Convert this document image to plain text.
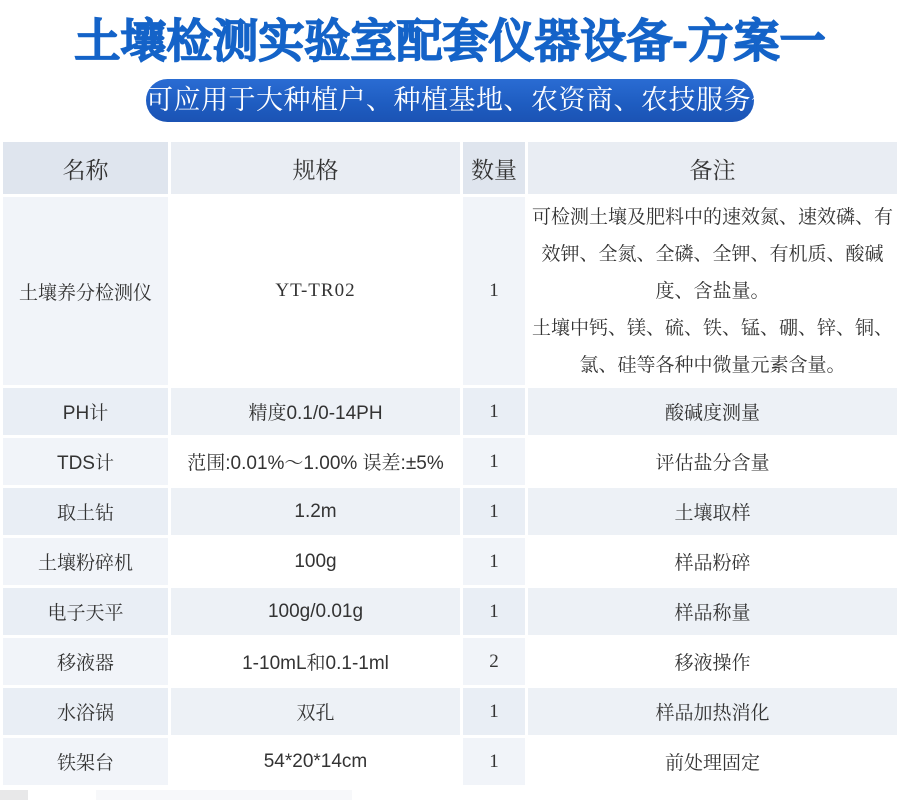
土壤检测实验室配套仪器设备-方案一
可应用于大种植户、种植基地、农资商、农技服务公司等
名称	规格	数量	备注
土壤养分检测仪	YT-TR02	1	可检测土壤及肥料中的速效氮、速效磷、有效钾、全氮、全磷、全钾、有机质、酸碱度、含盐量。

土壤中钙、镁、硫、铁、锰、硼、锌、铜、氯、硅等各种中微量元素含量。

PH计	精度0.1/0-14PH	1	酸碱度测量
TDS计	范围:0.01%～1.00% 误差:±5%	1	评估盐分含量
取土钻	1.2m	1	土壤取样
土壤粉碎机	100g	1	样品粉碎
电子天平	100g/0.01g	1	样品称量
移液器	1-10mL和0.1-1ml	2	移液操作
水浴锅	双孔	1	样品加热消化
铁架台	54*20*14cm	1	前处理固定
